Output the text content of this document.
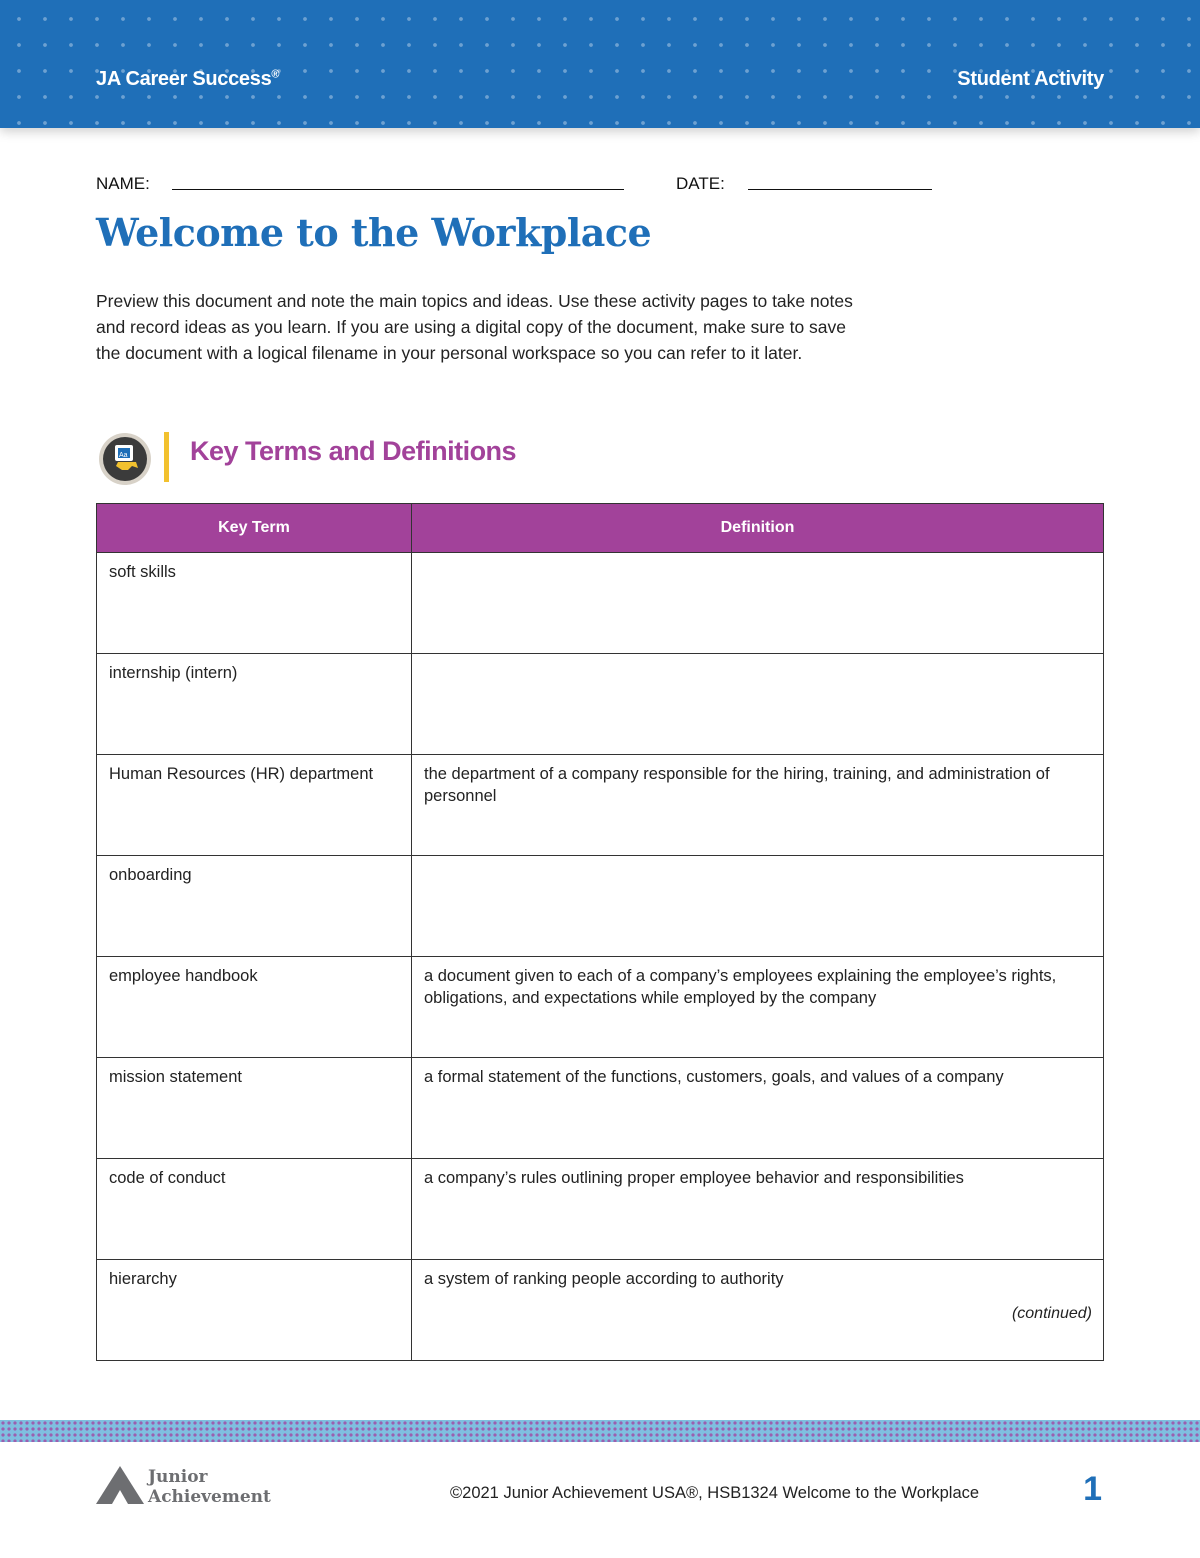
JA Career Success®	Student Activity
NAME:	DATE:
Welcome to the Workplace

Preview this document and note the main topics and ideas. Use these activity pages to take notes and record ideas as you learn. If you are using a digital copy of the document, make sure to save the document with a logical filename in your personal workspace so you can refer to it later.

Aa Key Terms and Definitions
Key Term	Definition
soft skills	
internship (intern)	
Human Resources (HR) department	the department of a company responsible for the hiring, training, and administration of personnel
onboarding	
employee handbook	a document given to each of a company’s employees explaining the employee’s rights, obligations, and expectations while employed by the company
mission statement	a formal statement of the functions, customers, goals, and values of a company
code of conduct	a company’s rules outlining proper employee behavior and responsibilities
hierarchy	a system of ranking people according to authority
(continued)
Junior
Achievement	©2021 Junior Achievement USA®, HSB1324 Welcome to the Workplace	1
